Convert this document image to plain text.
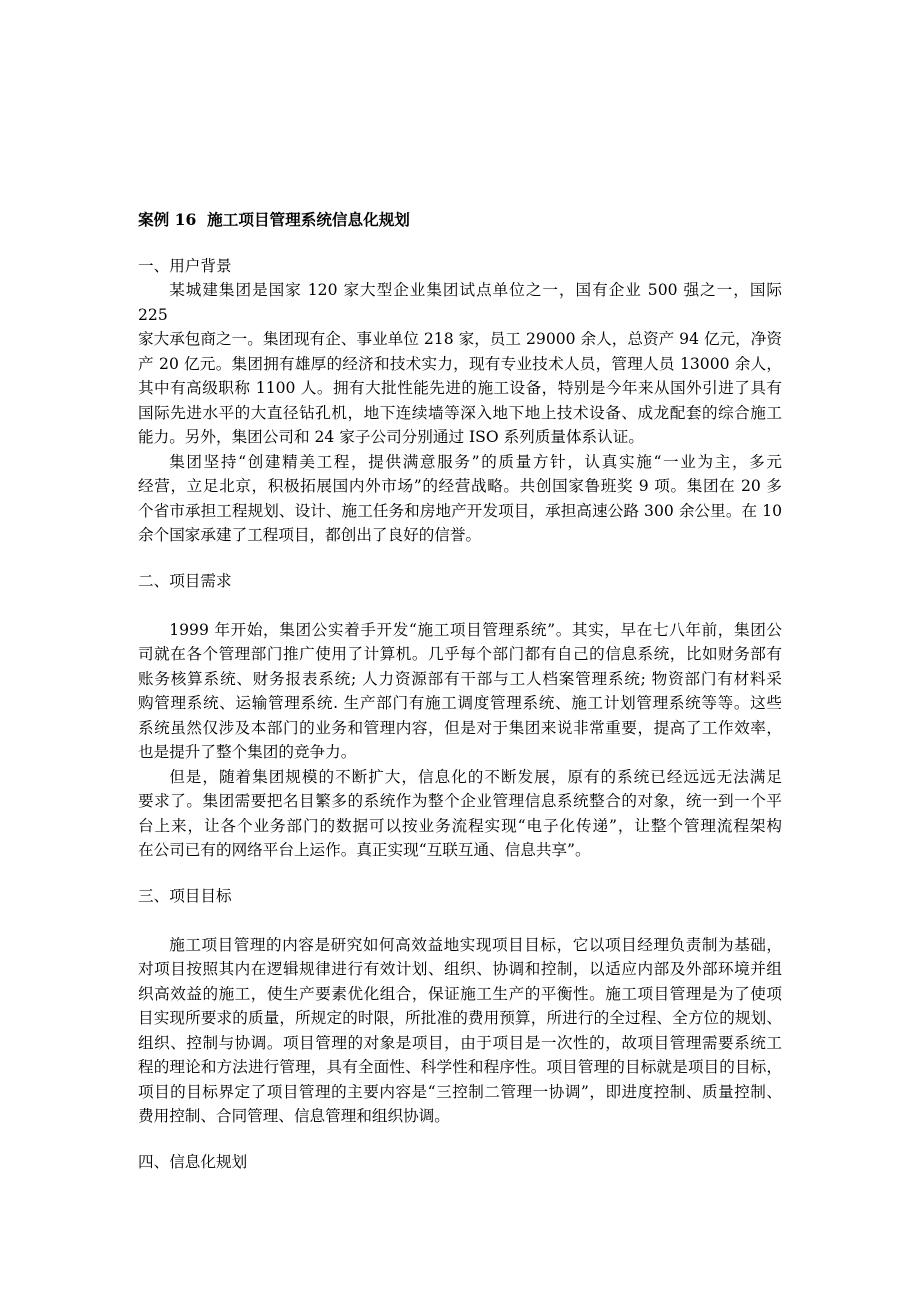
案例 16  施工项目管理系统信息化规划
一、用户背景
某城建集团是国家 120 家大型企业集团试点单位之一，国有企业 500 强之一，国际 225
家大承包商之一。集团现有企、事业单位 218 家，员工 29000 余人，总资产 94 亿元，净资
产 20 亿元。集团拥有雄厚的经济和技术实力，现有专业技术人员，管理人员 13000 余人，
其中有高级职称 1100 人。拥有大批性能先进的施工设备，特别是今年来从国外引进了具有
国际先进水平的大直径钻孔机，地下连续墙等深入地下地上技术设备、成龙配套的综合施工
能力。另外，集团公司和 24 家子公司分别通过 ISO 系列质量体系认证。
集团坚持“创建精美工程，提供满意服务”的质量方针，认真实施“一业为主，多元
经营，立足北京，积极拓展国内外市场”的经营战略。共创国家鲁班奖 9 项。集团在 20 多
个省市承担工程规划、设计、施工任务和房地产开发项目，承担高速公路 300 余公里。在 10
余个国家承建了工程项目，都创出了良好的信誉。
二、项目需求
1999 年开始，集团公实着手开发“施工项目管理系统”。其实，早在七八年前，集团公
司就在各个管理部门推广使用了计算机。几乎每个部门都有自己的信息系统，比如财务部有
账务核算系统、财务报表系统; 人力资源部有干部与工人档案管理系统; 物资部门有材料采
购管理系统、运输管理系统. 生产部门有施工调度管理系统、施工计划管理系统等等。这些
系统虽然仅涉及本部门的业务和管理内容，但是对于集团来说非常重要，提高了工作效率，
也是提升了整个集团的竞争力。
但是，随着集团规模的不断扩大，信息化的不断发展，原有的系统已经远远无法满足
要求了。集团需要把名目繁多的系统作为整个企业管理信息系统整合的对象，统一到一个平
台上来，让各个业务部门的数据可以按业务流程实现“电子化传递”，让整个管理流程架构
在公司已有的网络平台上运作。真正实现“互联互通、信息共享”。
三、项目目标
施工项目管理的内容是研究如何高效益地实现项目目标，它以项目经理负责制为基础，
对项目按照其内在逻辑规律进行有效计划、组织、协调和控制，以适应内部及外部环境并组
织高效益的施工，使生产要素优化组合，保证施工生产的平衡性。施工项目管理是为了使项
目实现所要求的质量，所规定的时限，所批准的费用预算，所进行的全过程、全方位的规划、
组织、控制与协调。项目管理的对象是项目，由于项目是一次性的，故项目管理需要系统工
程的理论和方法进行管理，具有全面性、科学性和程序性。项目管理的目标就是项目的目标，
项目的目标界定了项目管理的主要内容是“三控制二管理一协调”，即进度控制、质量控制、
费用控制、合同管理、信息管理和组织协调。
四、信息化规划
